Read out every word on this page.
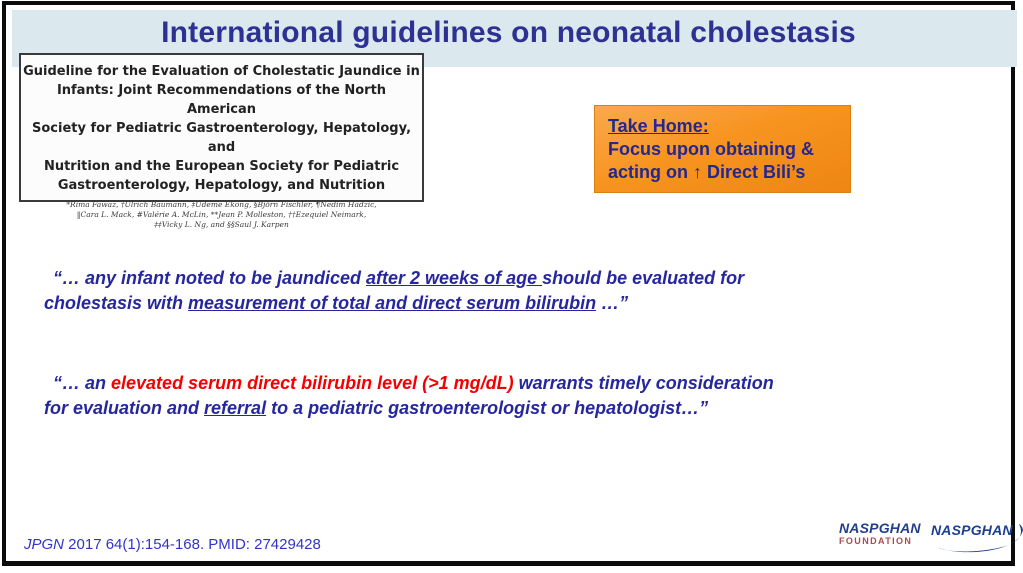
International guidelines on neonatal cholestasis
Guideline for the Evaluation of Cholestatic Jaundice in
Infants: Joint Recommendations of the North American
Society for Pediatric Gastroenterology, Hepatology, and
Nutrition and the European Society for Pediatric
Gastroenterology, Hepatology, and Nutrition
*Rima Fawaz, †Ulrich Baumann, ‡Udeme Ekong, §Björn Fischler, ¶Nedim Hadzic,
‖Cara L. Mack, #Valérie A. McLin, **Jean P. Molleston, ††Ezequiel Neimark,
‡‡Vicky L. Ng, and §§Saul J. Karpen
Take Home:
Focus upon obtaining &
acting on ↑ Direct Bili’s
“… any infant noted to be jaundiced after 2 weeks of age should be evaluated for
cholestasis with measurement of total and direct serum bilirubin …”
“… an elevated serum direct bilirubin level (>1 mg/dL) warrants timely consideration
for evaluation and referral to a pediatric gastroenterologist or hepatologist…”
JPGN 2017 64(1):154-168. PMID: 27429428
NASPGHAN
FOUNDATION
NASPGHAN
